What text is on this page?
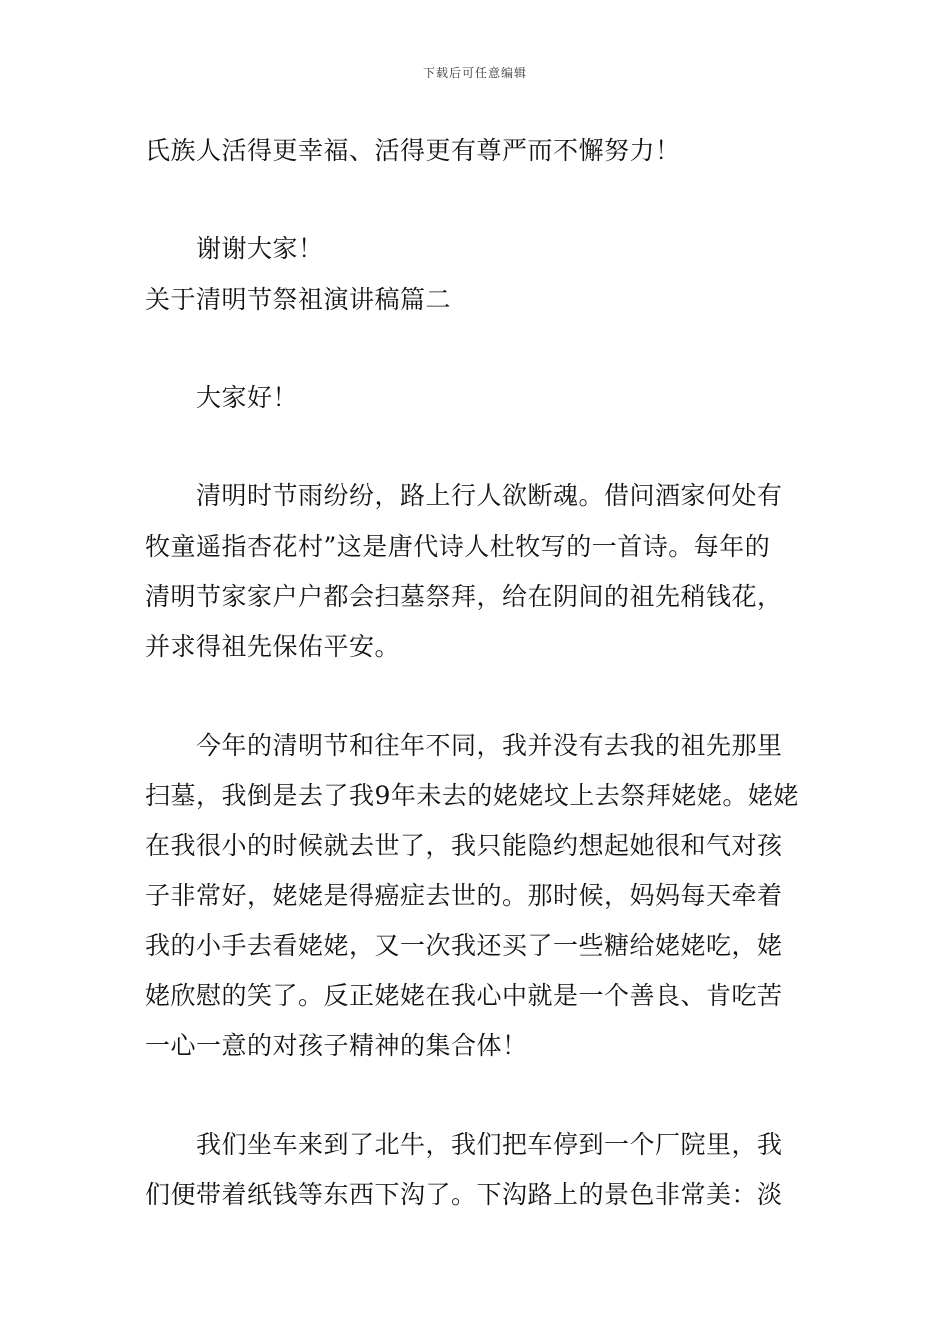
下载后可任意编辑
氏族人活得更幸福、活得更有尊严而不懈努力！
谢谢大家！
关于清明节祭祖演讲稿篇二
大家好！
清明时节雨纷纷，路上行人欲断魂。借问酒家何处有
牧童遥指杏花村”这是唐代诗人杜牧写的一首诗。每年的
清明节家家户户都会扫墓祭拜，给在阴间的祖先稍钱花，
并求得祖先保佑平安。
今年的清明节和往年不同，我并没有去我的祖先那里
扫墓，我倒是去了我9年未去的姥姥坟上去祭拜姥姥。姥姥
在我很小的时候就去世了，我只能隐约想起她很和气对孩
子非常好，姥姥是得癌症去世的。那时候，妈妈每天牵着
我的小手去看姥姥，又一次我还买了一些糖给姥姥吃，姥
姥欣慰的笑了。反正姥姥在我心中就是一个善良、肯吃苦
一心一意的对孩子精神的集合体！
我们坐车来到了北牛，我们把车停到一个厂院里，我
们便带着纸钱等东西下沟了。下沟路上的景色非常美：淡
